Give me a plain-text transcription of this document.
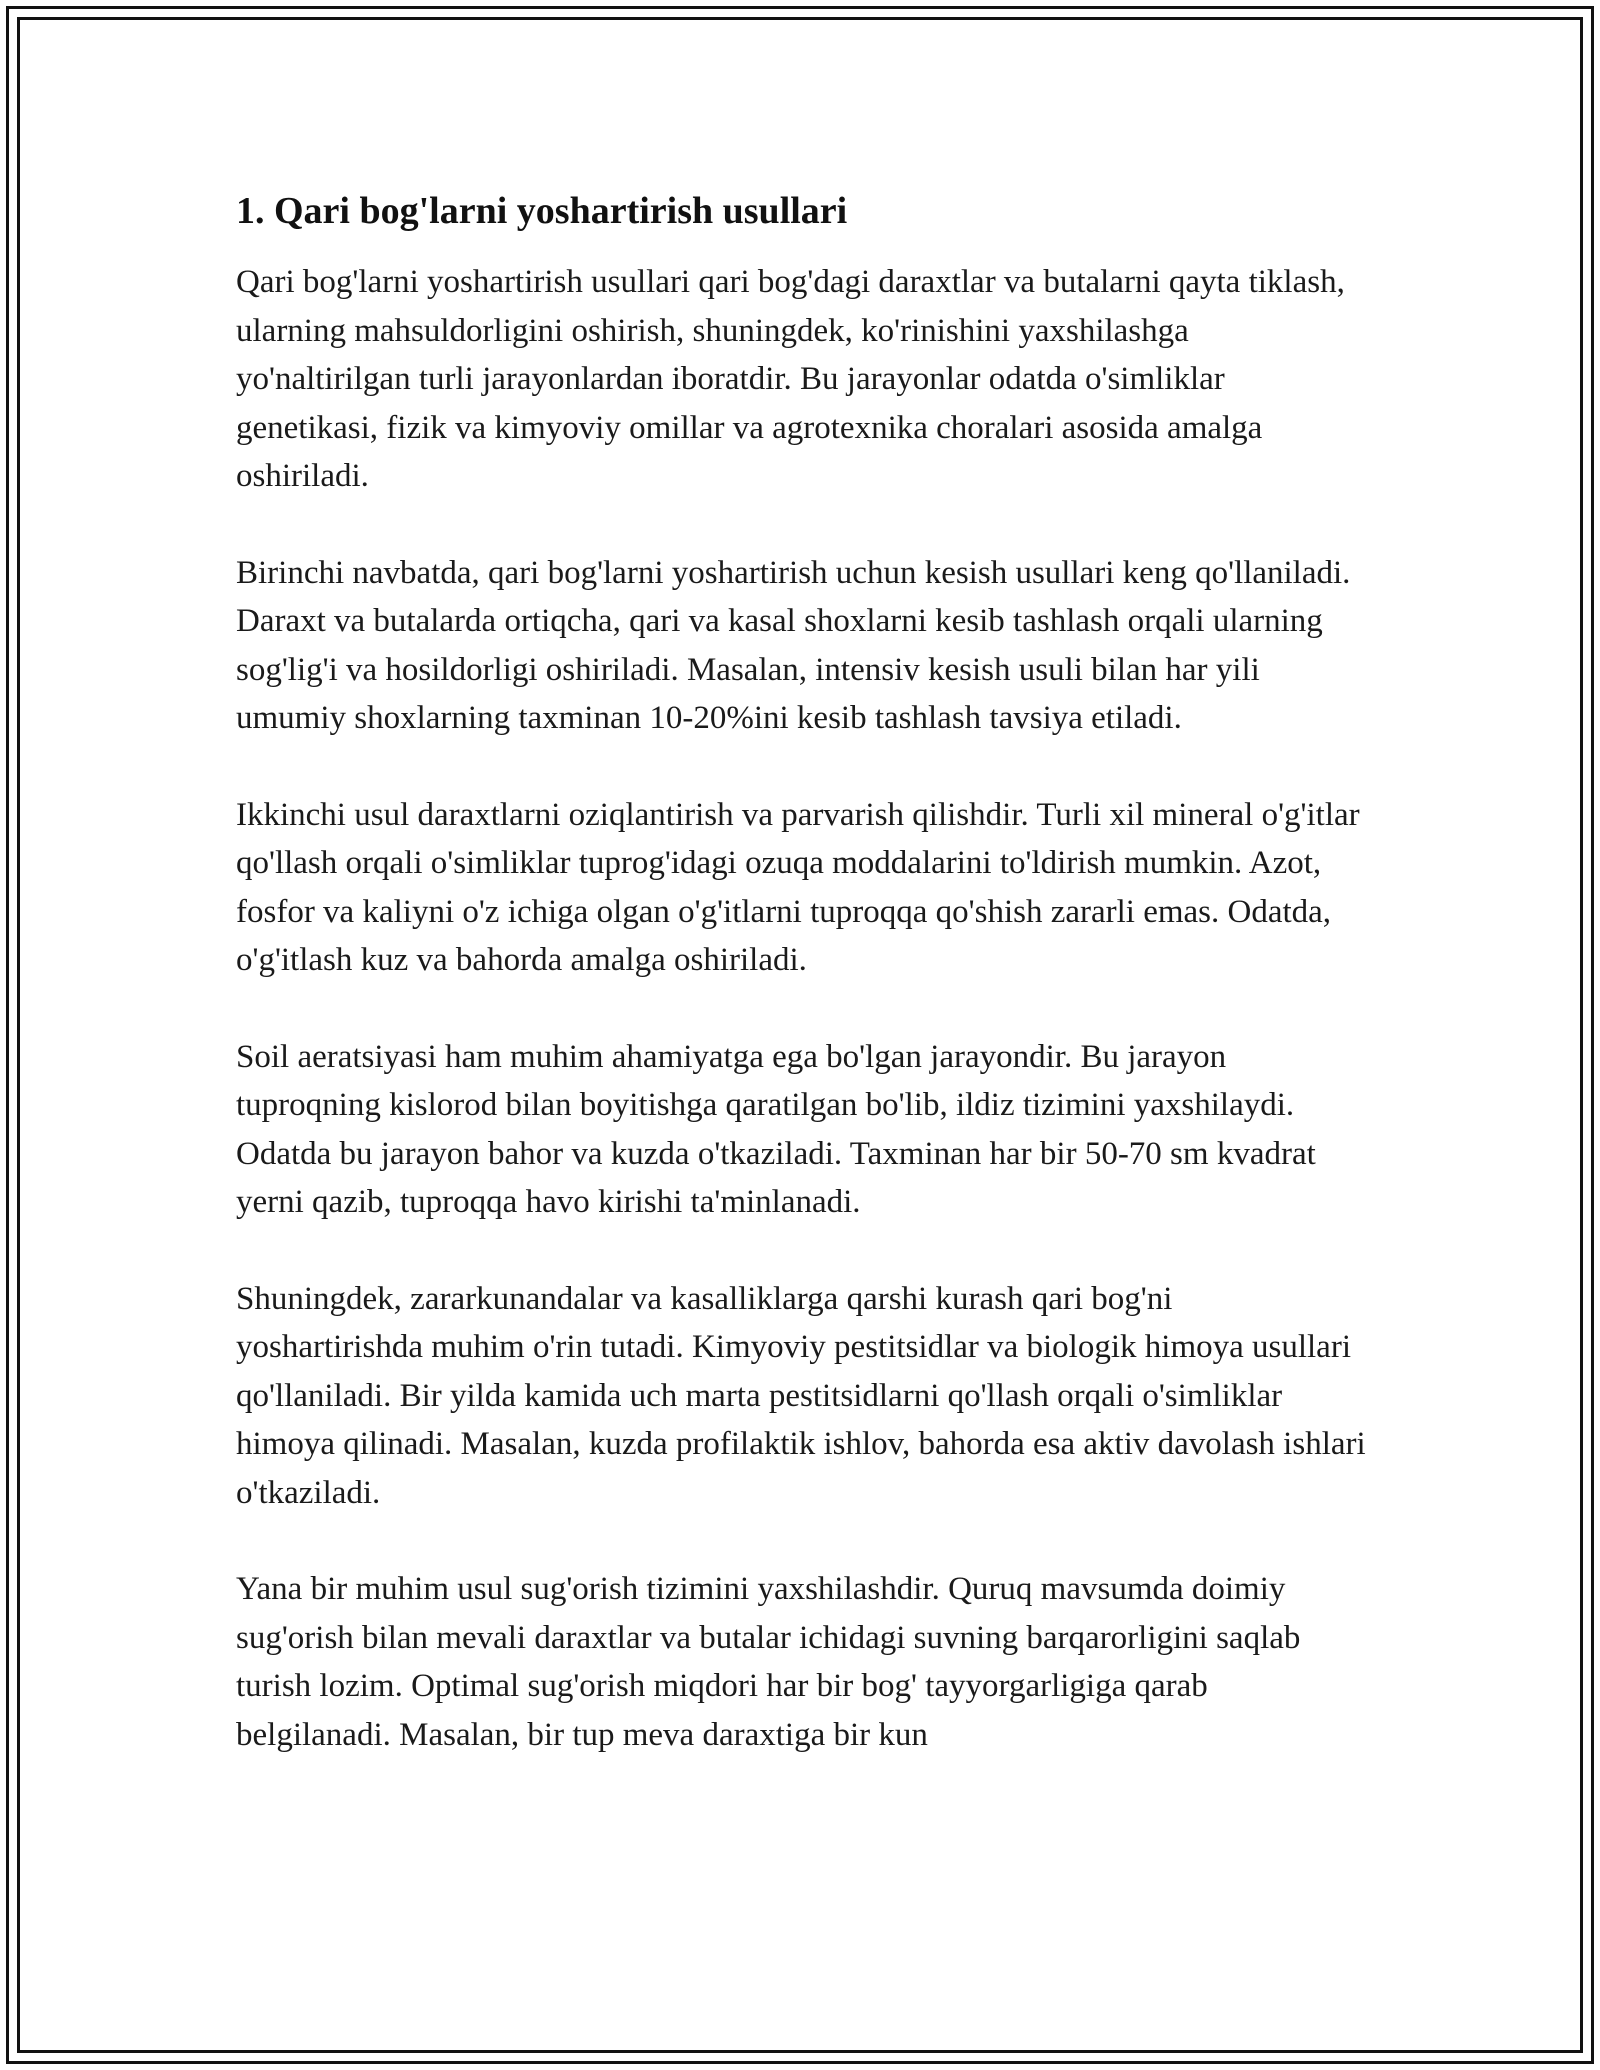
1. Qari bog'larni yoshartirish usullari

Qari bog'larni yoshartirish usullari qari bog'dagi daraxtlar va butalarni qayta tiklash, ularning mahsuldorligini oshirish, shuningdek, ko'rinishini yaxshilashga yo'naltirilgan turli jarayonlardan iboratdir. Bu jarayonlar odatda o'simliklar genetikasi, fizik va kimyoviy omillar va agrotexnika choralari asosida amalga oshiriladi.

Birinchi navbatda, qari bog'larni yoshartirish uchun kesish usullari keng qo'llaniladi. Daraxt va butalarda ortiqcha, qari va kasal shoxlarni kesib tashlash orqali ularning sog'lig'i va hosildorligi oshiriladi. Masalan, intensiv kesish usuli bilan har yili umumiy shoxlarning taxminan 10-20%ini kesib tashlash tavsiya etiladi.

Ikkinchi usul daraxtlarni oziqlantirish va parvarish qilishdir. Turli xil mineral o'g'itlar qo'llash orqali o'simliklar tuprog'idagi ozuqa moddalarini to'ldirish mumkin. Azot, fosfor va kaliyni o'z ichiga olgan o'g'itlarni tuproqqa qo'shish zararli emas. Odatda, o'g'itlash kuz va bahorda amalga oshiriladi.

Soil aeratsiyasi ham muhim ahamiyatga ega bo'lgan jarayondir. Bu jarayon tuproqning kislorod bilan boyitishga qaratilgan bo'lib, ildiz tizimini yaxshilaydi. Odatda bu jarayon bahor va kuzda o'tkaziladi. Taxminan har bir 50-70 sm kvadrat yerni qazib, tuproqqa havo kirishi ta'minlanadi.

Shuningdek, zararkunandalar va kasalliklarga qarshi kurash qari bog'ni yoshartirishda muhim o'rin tutadi. Kimyoviy pestitsidlar va biologik himoya usullari qo'llaniladi. Bir yilda kamida uch marta pestitsidlarni qo'llash orqali o'simliklar himoya qilinadi. Masalan, kuzda profilaktik ishlov, bahorda esa aktiv davolash ishlari o'tkaziladi.

Yana bir muhim usul sug'orish tizimini yaxshilashdir. Quruq mavsumda doimiy sug'orish bilan mevali daraxtlar va butalar ichidagi suvning barqarorligini saqlab turish lozim. Optimal sug'orish miqdori har bir bog' tayyorgarligiga qarab belgilanadi. Masalan, bir tup meva daraxtiga bir kun
